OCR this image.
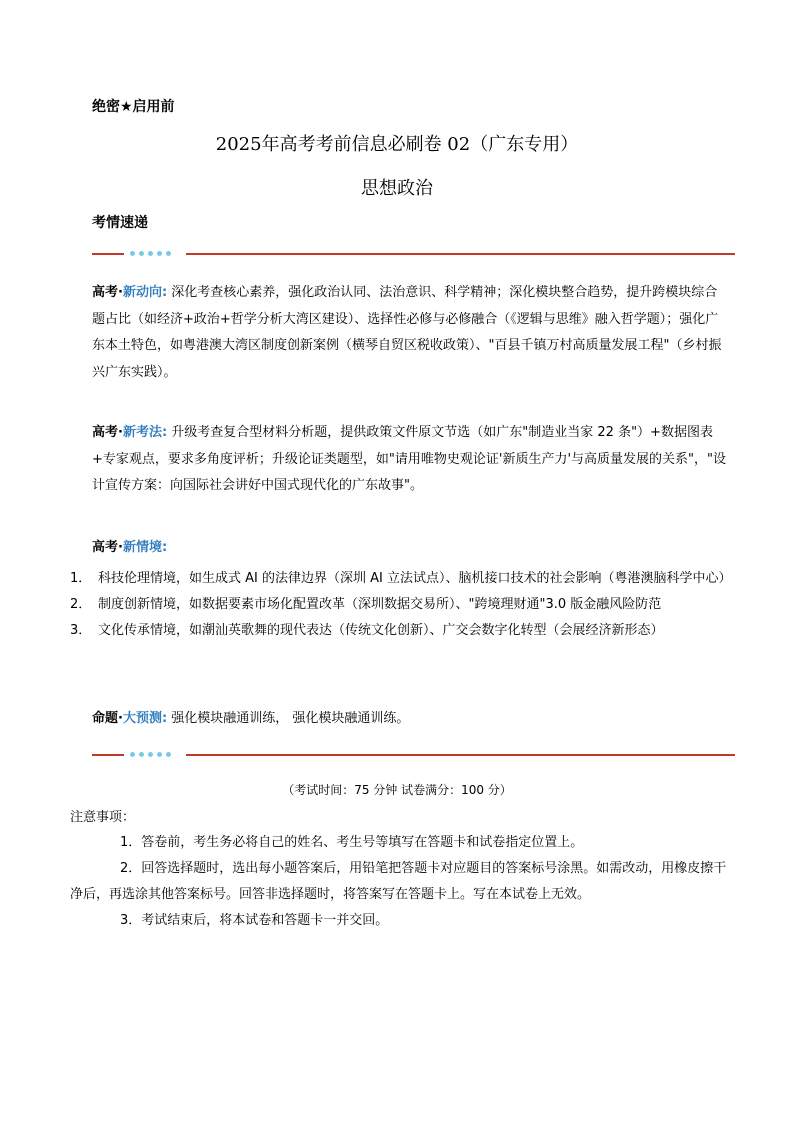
绝密★启用前
2025年高考考前信息必刷卷 02（广东专用）
思想政治
考情速递
高考·新动向: 深化考查核心素养，强化政治认同、法治意识、科学精神；深化模块整合趋势，提升跨模块综合题占比（如经济+政治+哲学分析大湾区建设）、选择性必修与必修融合（《逻辑与思维》融入哲学题）；强化广东本土特色，如粤港澳大湾区制度创新案例（横琴自贸区税收政策）、"百县千镇万村高质量发展工程"（乡村振兴广东实践）。
高考·新考法: 升级考查复合型材料分析题，提供政策文件原文节选（如广东"制造业当家 22 条"）+数据图表+专家观点，要求多角度评析；升级论证类题型，如"请用唯物史观论证'新质生产力'与高质量发展的关系"，"设计宣传方案：向国际社会讲好中国式现代化的广东故事"。
高考·新情境:
1． 科技伦理情境，如生成式 AI 的法律边界（深圳 AI 立法试点）、脑机接口技术的社会影响（粤港澳脑科学中心）
2． 制度创新情境，如数据要素市场化配置改革（深圳数据交易所）、"跨境理财通"3.0 版金融风险防范
3． 文化传承情境，如潮汕英歌舞的现代表达（传统文化创新）、广交会数字化转型（会展经济新形态）
命题·大预测: 强化模块融通训练， 强化模块融通训练。
（考试时间：75 分钟 试卷满分：100 分）
注意事项：
1．答卷前，考生务必将自己的姓名、考生号等填写在答题卡和试卷指定位置上。
2．回答选择题时，选出每小题答案后，用铅笔把答题卡对应题目的答案标号涂黑。如需改动，用橡皮擦干净后，再选涂其他答案标号。回答非选择题时，将答案写在答题卡上。写在本试卷上无效。
3．考试结束后，将本试卷和答题卡一并交回。
